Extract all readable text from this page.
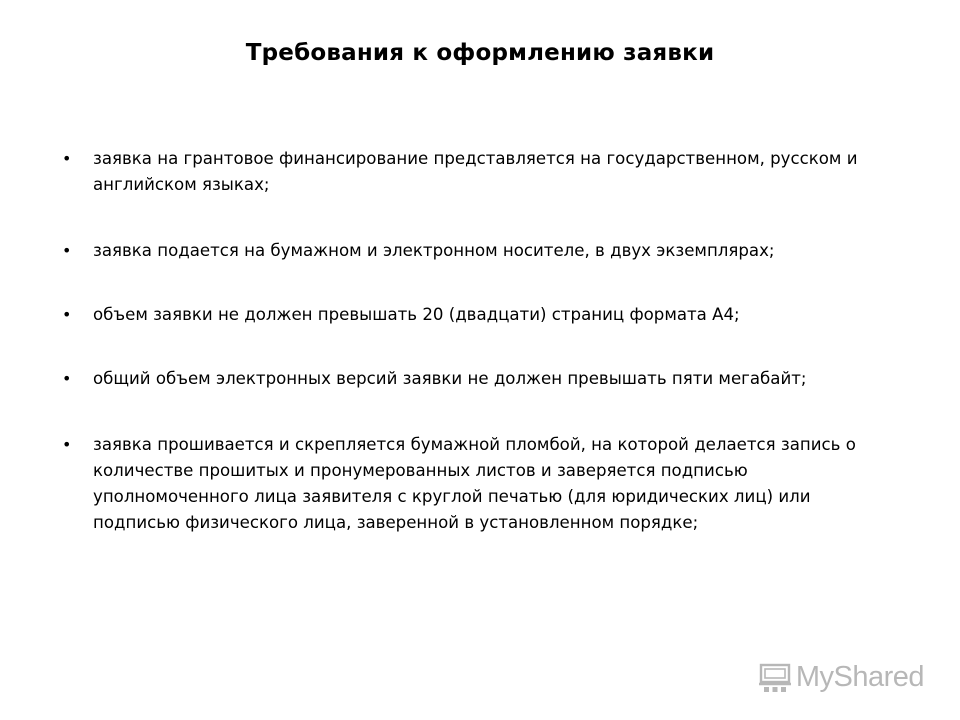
Требования к оформлению заявки
• заявка на грантовое финансирование представляется на государственном, русском и английском языках;
• заявка подается на бумажном и электронном носителе, в двух экземплярах;
• объем заявки не должен превышать 20 (двадцати) страниц формата А4;
• общий объем электронных версий заявки не должен превышать пяти мегабайт;
• заявка прошивается и скрепляется бумажной пломбой, на которой делается запись о количестве прошитых и пронумерованных листов и заверяется подписью уполномоченного лица заявителя с круглой печатью (для юридических лиц) или подписью физического лица, заверенной в установленном порядке;
MyShared
